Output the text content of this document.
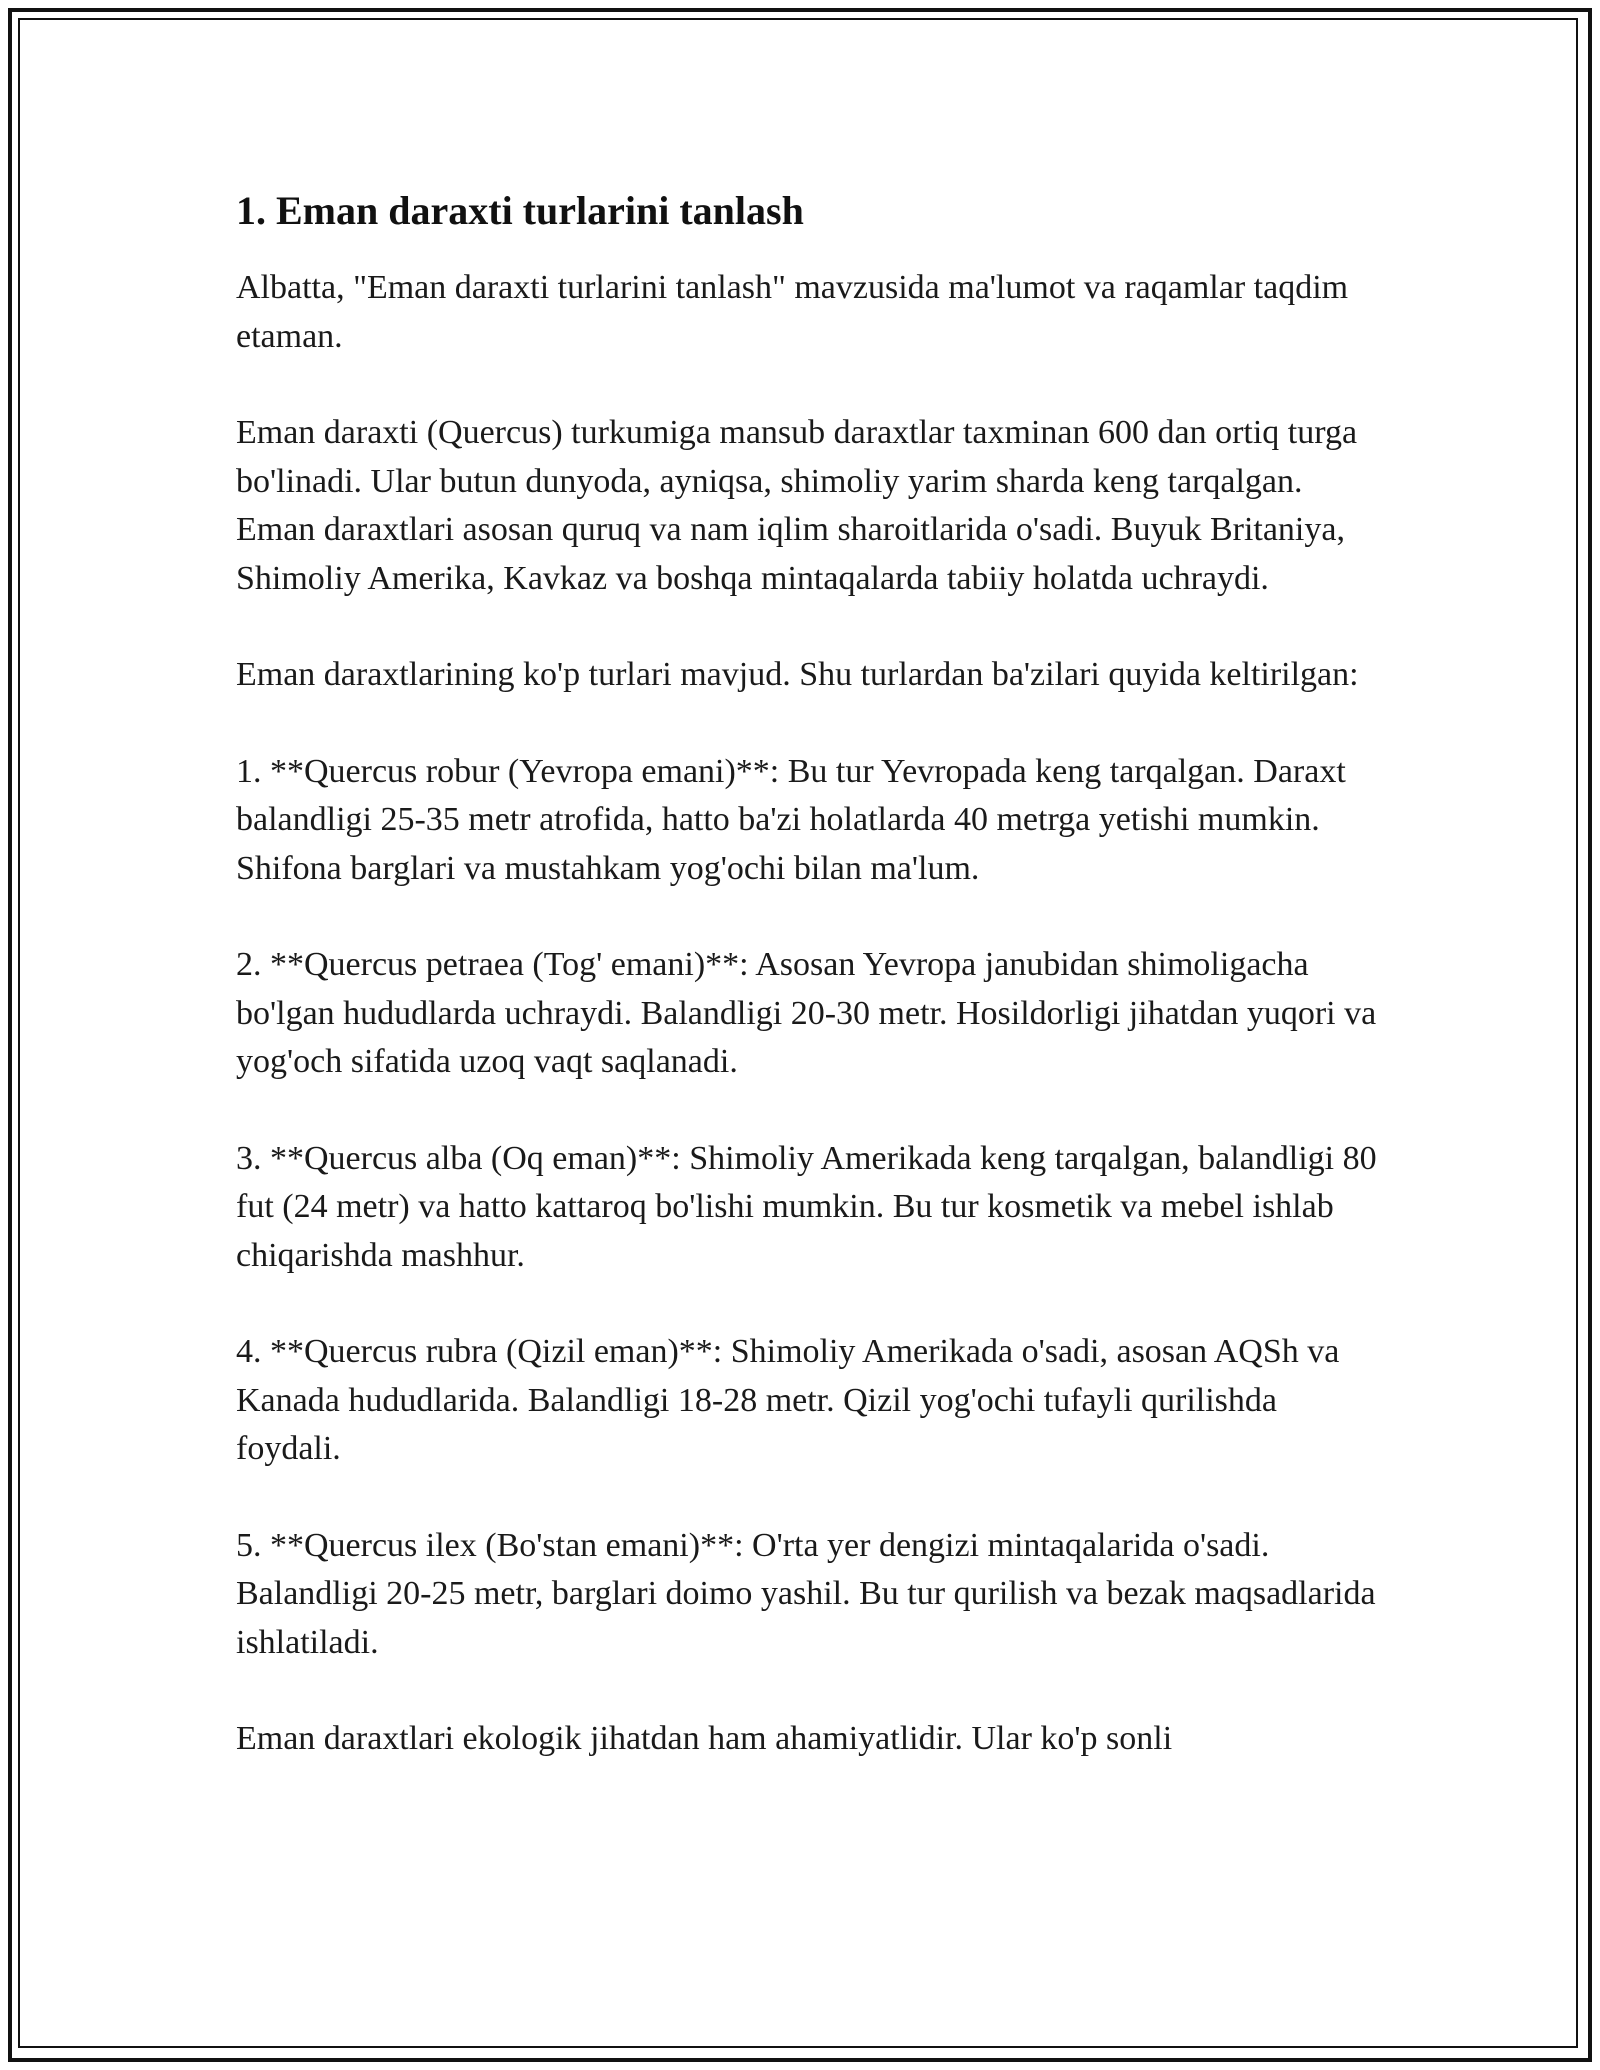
1. Eman daraxti turlarini tanlash

Albatta, "Eman daraxti turlarini tanlash" mavzusida ma'lumot va raqamlar taqdim etaman.

Eman daraxti (Quercus) turkumiga mansub daraxtlar taxminan 600 dan ortiq turga bo'linadi. Ular butun dunyoda, ayniqsa, shimoliy yarim sharda keng tarqalgan. Eman daraxtlari asosan quruq va nam iqlim sharoitlarida o'sadi. Buyuk Britaniya, Shimoliy Amerika, Kavkaz va boshqa mintaqalarda tabiiy holatda uchraydi.

Eman daraxtlarining ko'p turlari mavjud. Shu turlardan ba'zilari quyida keltirilgan:

1. **Quercus robur (Yevropa emani)**: Bu tur Yevropada keng tarqalgan. Daraxt balandligi 25-35 metr atrofida, hatto ba'zi holatlarda 40 metrga yetishi mumkin. Shifona barglari va mustahkam yog'ochi bilan ma'lum.

2. **Quercus petraea (Tog' emani)**: Asosan Yevropa janubidan shimoligacha bo'lgan hududlarda uchraydi. Balandligi 20-30 metr. Hosildorligi jihatdan yuqori va yog'och sifatida uzoq vaqt saqlanadi.

3. **Quercus alba (Oq eman)**: Shimoliy Amerikada keng tarqalgan, balandligi 80 fut (24 metr) va hatto kattaroq bo'lishi mumkin. Bu tur kosmetik va mebel ishlab chiqarishda mashhur.

4. **Quercus rubra (Qizil eman)**: Shimoliy Amerikada o'sadi, asosan AQSh va Kanada hududlarida. Balandligi 18-28 metr. Qizil yog'ochi tufayli qurilishda foydali.

5. **Quercus ilex (Bo'stan emani)**: O'rta yer dengizi mintaqalarida o'sadi. Balandligi 20-25 metr, barglari doimo yashil. Bu tur qurilish va bezak maqsadlarida ishlatiladi.

Eman daraxtlari ekologik jihatdan ham ahamiyatlidir. Ular ko'p sonli
